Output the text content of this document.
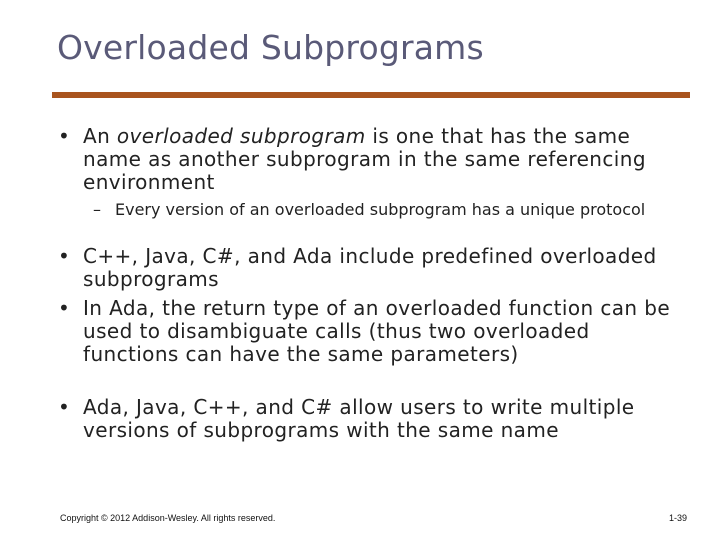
Overloaded Subprograms
• An overloaded subprogram is one that has the same name as another subprogram in the same referencing environment

– Every version of an overloaded subprogram has a unique protocol

• C++, Java, C#, and Ada include predefined overloaded subprograms

• In Ada, the return type of an overloaded function can be used to disambiguate calls (thus two overloaded functions can have the same parameters)

• Ada, Java, C++, and C# allow users to write multiple versions of subprograms with the same name

Copyright © 2012 Addison-Wesley. All rights reserved.	1-39
